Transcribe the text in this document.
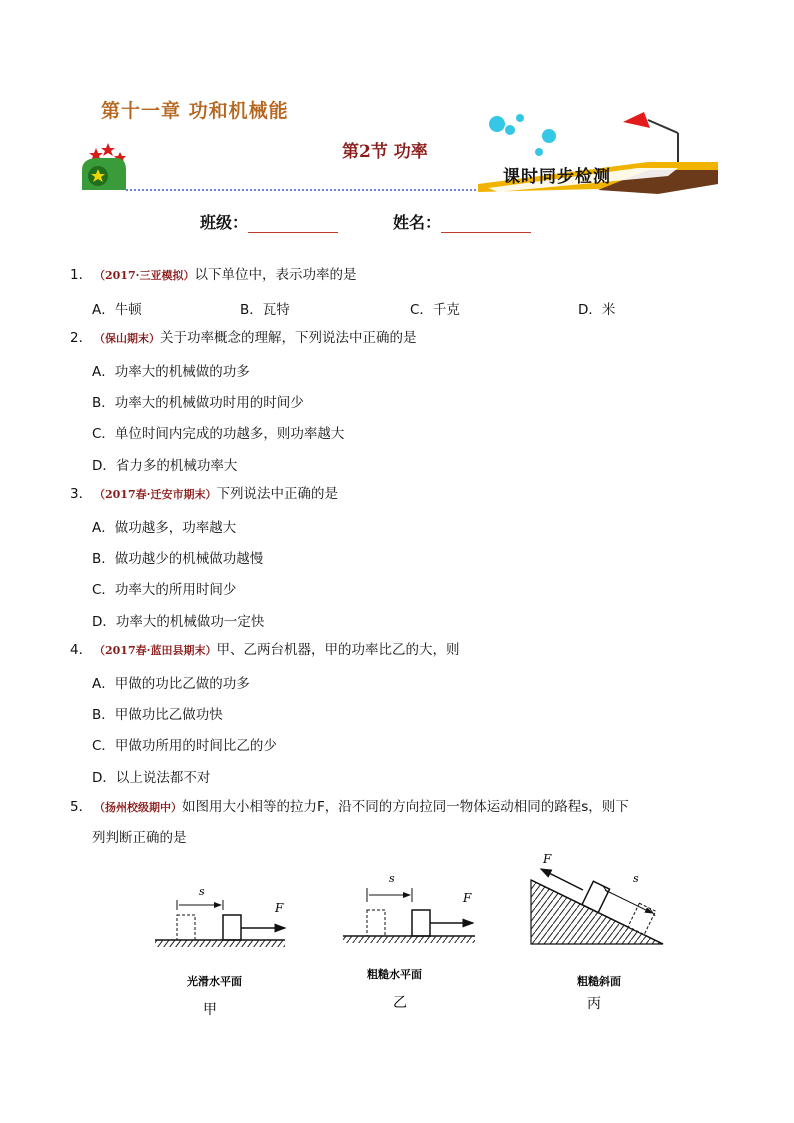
第十一章 功和机械能
第2节 功率
课时同步检测
班级：	姓名：
1． （2017·三亚模拟）以下单位中，表示功率的是
A．牛顿	B．瓦特	C．千克	D．米
2． （保山期末）关于功率概念的理解，下列说法中正确的是
A．功率大的机械做的功多
B．功率大的机械做功时用的时间少
C．单位时间内完成的功越多，则功率越大
D．省力多的机械功率大
3． （2017春·迁安市期末）下列说法中正确的是
A．做功越多，功率越大
B．做功越少的机械做功越慢
C．功率大的所用时间少
D．功率大的机械做功一定快
4． （2017春·蓝田县期末）甲、乙两台机器，甲的功率比乙的大，则
A．甲做的功比乙做的功多
B．甲做功比乙做功快
C．甲做功所用的时间比乙的少
D．以上说法都不对
5． （扬州校级期中）如图用大小相等的拉力F，沿不同的方向拉同一物体运动相同的路程s，则下
列判断正确的是
s
F
光滑水平面
甲
s
F
粗糙水平面
乙
s
F
粗糙斜面
丙
